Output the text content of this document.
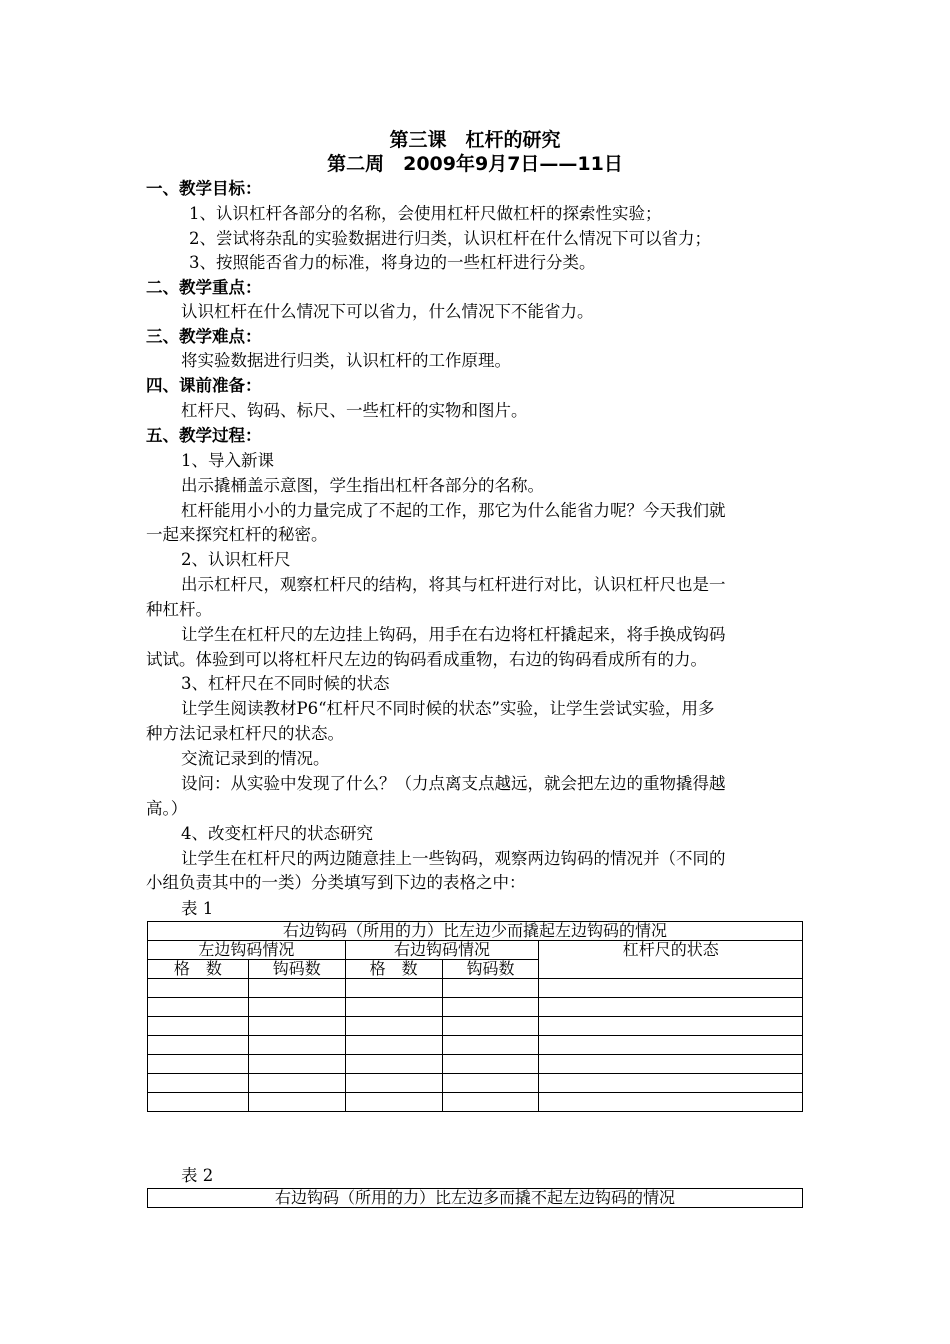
第三课　杠杆的研究
第二周　2009年9月7日——11日
一、教学目标：
1、认识杠杆各部分的名称，会使用杠杆尺做杠杆的探索性实验；
2、尝试将杂乱的实验数据进行归类，认识杠杆在什么情况下可以省力；
3、按照能否省力的标准，将身边的一些杠杆进行分类。
二、教学重点：
认识杠杆在什么情况下可以省力，什么情况下不能省力。
三、教学难点：
将实验数据进行归类，认识杠杆的工作原理。
四、课前准备：
杠杆尺、钩码、标尺、一些杠杆的实物和图片。
五、教学过程：
1、导入新课
出示撬桶盖示意图，学生指出杠杆各部分的名称。
杠杆能用小小的力量完成了不起的工作，那它为什么能省力呢？今天我们就
一起来探究杠杆的秘密。
2、认识杠杆尺
出示杠杆尺，观察杠杆尺的结构，将其与杠杆进行对比，认识杠杆尺也是一
种杠杆。
让学生在杠杆尺的左边挂上钩码，用手在右边将杠杆撬起来，将手换成钩码
试试。体验到可以将杠杆尺左边的钩码看成重物，右边的钩码看成所有的力。
3、杠杆尺在不同时候的状态
让学生阅读教材P6“杠杆尺不同时候的状态”实验，让学生尝试实验，用多
种方法记录杠杆尺的状态。
交流记录到的情况。
设问：从实验中发现了什么？（力点离支点越远，就会把左边的重物撬得越
高。）
4、改变杠杆尺的状态研究
让学生在杠杆尺的两边随意挂上一些钩码，观察两边钩码的情况并（不同的
小组负责其中的一类）分类填写到下边的表格之中：
表 1
右边钩码（所用的力）比左边少而撬起左边钩码的情况				
左边钩码情况		右边钩码情况		杠杆尺的状态
格　数	钩码数	格　数	钩码数	

表 2
右边钩码（所用的力）比左边多而撬不起左边钩码的情况
